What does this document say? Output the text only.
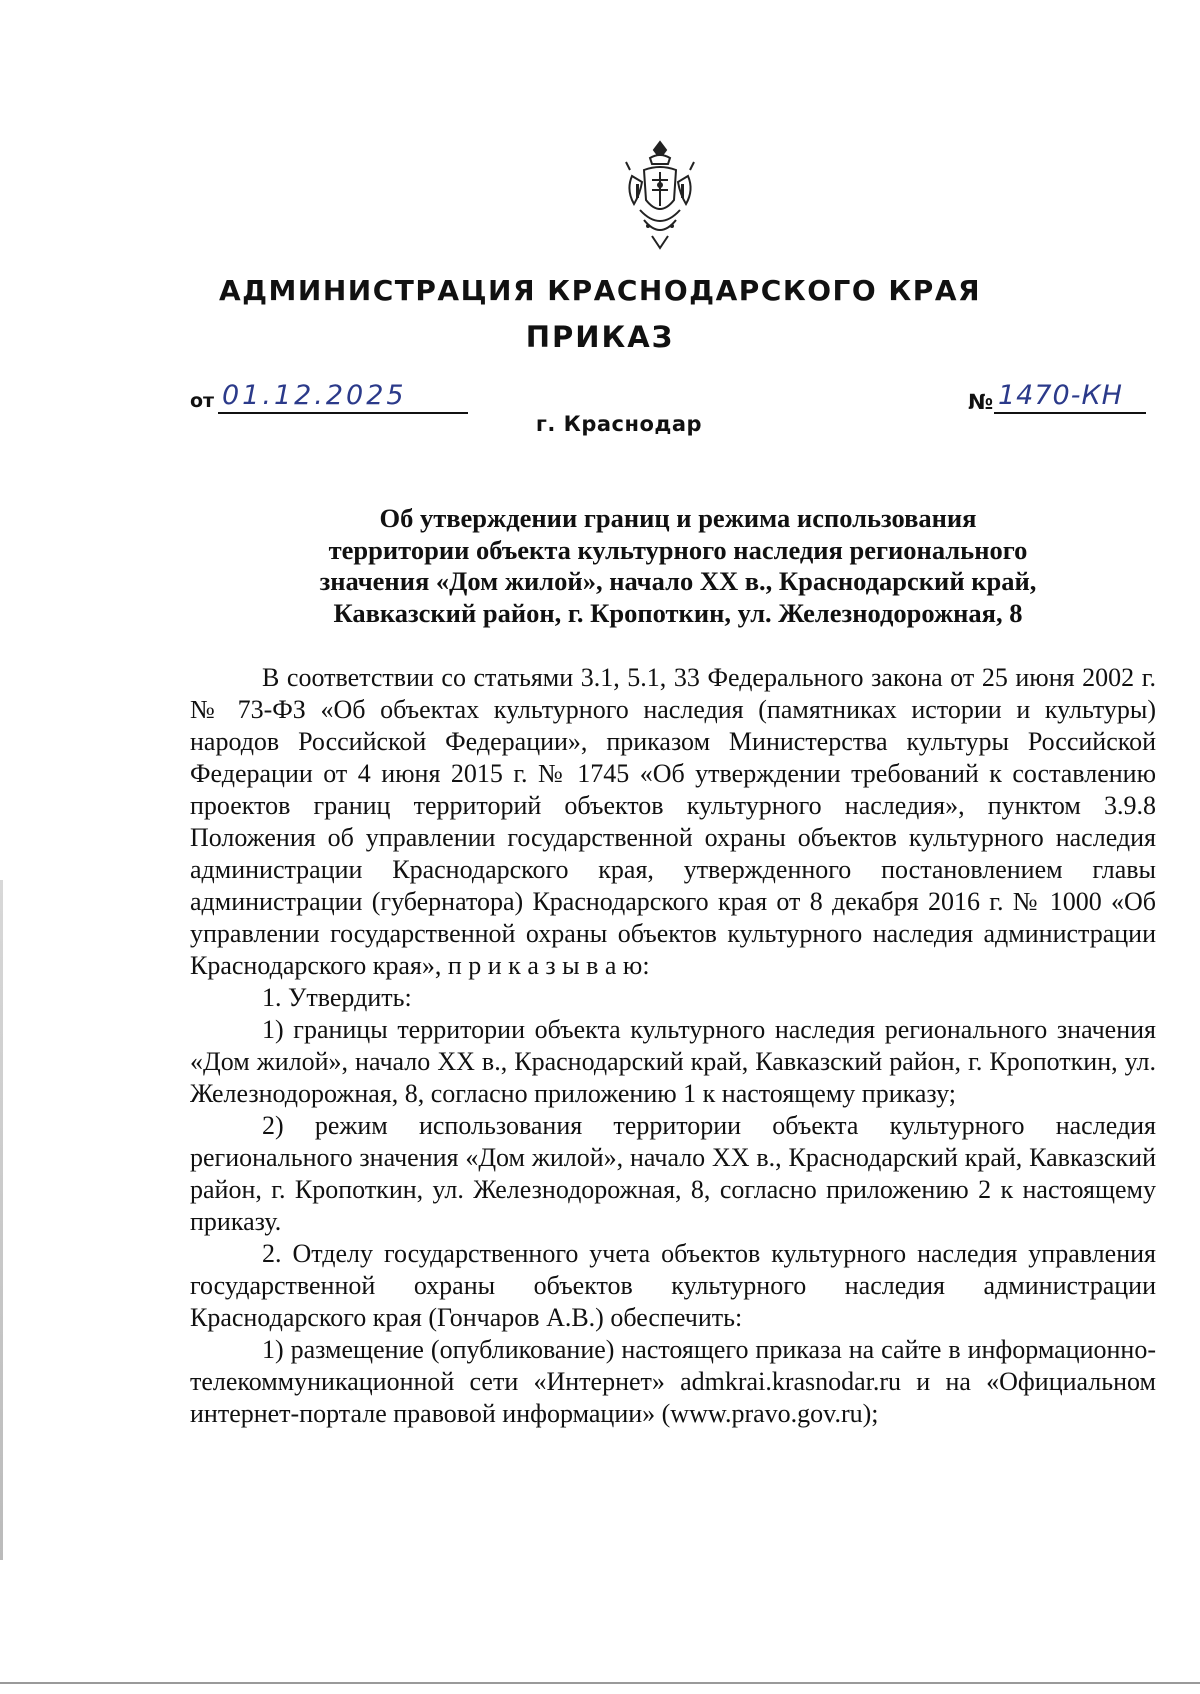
АДМИНИСТРАЦИЯ КРАСНОДАРСКОГО КРАЯ
ПРИКАЗ
от 01.12.2025	№ 1470-КН
г. Краснодар
Об утверждении границ и режима использования
территории объекта культурного наследия регионального
значения «Дом жилой», начало XX в., Краснодарский край,
Кавказский район, г. Кропоткин, ул. Железнодорожная, 8

В соответствии со статьями 3.1, 5.1, 33 Федерального закона от 25 июня 2002 г. № 73-ФЗ «Об объектах культурного наследия (памятниках истории и культуры) народов Российской Федерации», приказом Министерства культуры Российской Федерации от 4 июня 2015 г. № 1745 «Об утверждении требований к составлению проектов границ территорий объектов культурного наследия», пунктом 3.9.8 Положения об управлении государственной охраны объектов культурного наследия администрации Краснодарского края, утвержденного постановлением главы администрации (губернатора) Краснодарского края от 8 декабря 2016 г. № 1000 «Об управлении государственной охраны объектов культурного наследия администрации Краснодарского края», п р и к а з ы в а ю:

1. Утвердить:

1) границы территории объекта культурного наследия регионального значения «Дом жилой», начало XX в., Краснодарский край, Кавказский район, г. Кропоткин, ул. Железнодорожная, 8, согласно приложению 1 к настоящему приказу;

2) режим использования территории объекта культурного наследия регионального значения «Дом жилой», начало XX в., Краснодарский край, Кавказский район, г. Кропоткин, ул. Железнодорожная, 8, согласно приложению 2 к настоящему приказу.

2. Отделу государственного учета объектов культурного наследия управления государственной охраны объектов культурного наследия администрации Краснодарского края (Гончаров А.В.) обеспечить:

1) размещение (опубликование) настоящего приказа на сайте в информационно-телекоммуникационной сети «Интернет» admkrai.krasnodar.ru и на «Официальном интернет-портале правовой информации» (www.pravo.gov.ru);
